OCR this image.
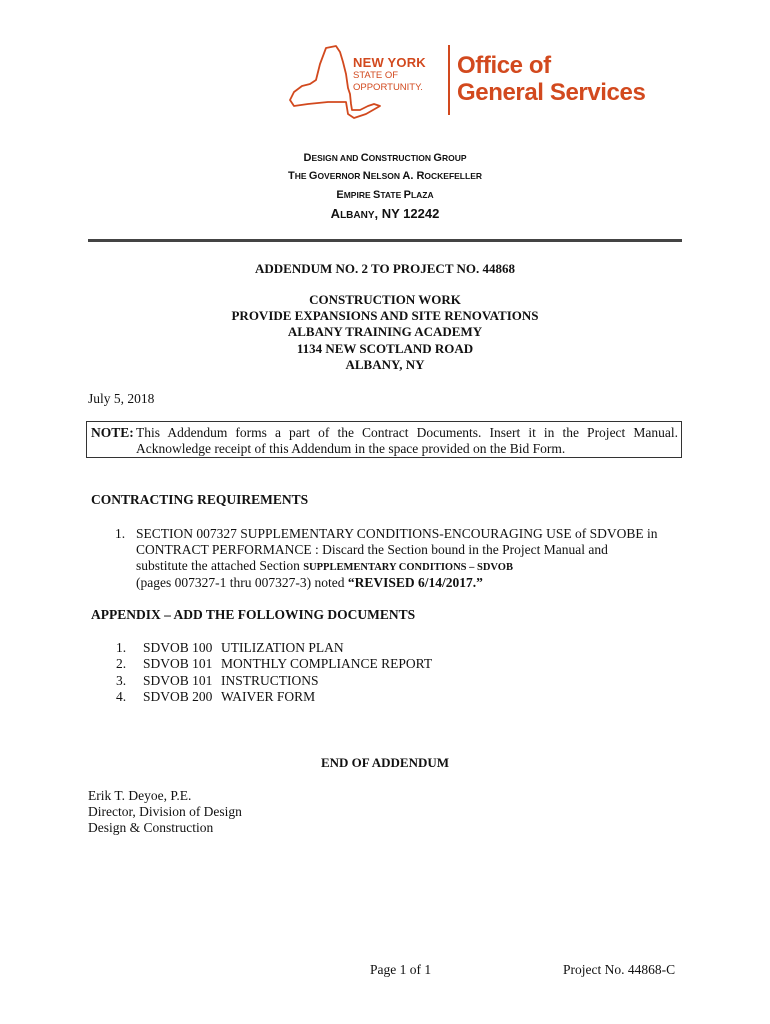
NEW YORK
STATE OF
OPPORTUNITY.
Office of
General Services
DESIGN AND CONSTRUCTION GROUP
THE GOVERNOR NELSON A. ROCKEFELLER
EMPIRE STATE PLAZA
ALBANY, NY 12242
ADDENDUM NO. 2 TO PROJECT NO. 44868
CONSTRUCTION WORK
PROVIDE EXPANSIONS AND SITE RENOVATIONS
ALBANY TRAINING ACADEMY
1134 NEW SCOTLAND ROAD
ALBANY, NY
July 5, 2018
NOTE: This Addendum forms a part of the Contract Documents. Insert it in the Project Manual.
Acknowledge receipt of this Addendum in the space provided on the Bid Form.
CONTRACTING REQUIREMENTS
1. SECTION 007327 SUPPLEMENTARY CONDITIONS-ENCOURAGING USE of SDVOBE in
CONTRACT PERFORMANCE : Discard the Section bound in the Project Manual and
substitute the attached Section SUPPLEMENTARY CONDITIONS – SDVOB
(pages 007327-1 thru 007327-3) noted “REVISED 6/14/2017.”
APPENDIX – ADD THE FOLLOWING DOCUMENTS
1. SDVOB 100 UTILIZATION PLAN
2. SDVOB 101 MONTHLY COMPLIANCE REPORT
3. SDVOB 101 INSTRUCTIONS
4. SDVOB 200 WAIVER FORM
END OF ADDENDUM
Erik T. Deyoe, P.E.
Director, Division of Design
Design & Construction
Page 1 of 1	Project No. 44868-C
